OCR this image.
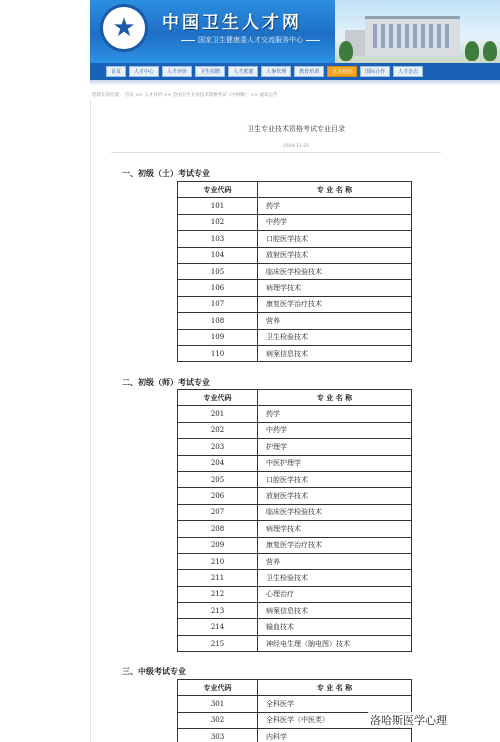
★ 中国卫生人才网
国家卫生健康委人才交流服务中心
首页	人才中心	人才评价	卫生招聘	人才派遣	人事代理	教育培训	人才研究	国际合作	人才杂志
您现在的位置： 首页 >> 人才评价 >> 全国卫生专业技术资格考试（中初级） >> 通知公告
卫生专业技术资格考试专业目录
2020-12-25
一、初级（士）考试专业
专业代码	专 业 名 称
101	药学
102	中药学
103	口腔医学技术
104	放射医学技术
105	临床医学检验技术
106	病理学技术
107	康复医学治疗技术
108	营养
109	卫生检验技术
110	病案信息技术
二、初级（师）考试专业
专业代码	专 业 名 称
201	药学
202	中药学
203	护理学
204	中医护理学
205	口腔医学技术
206	放射医学技术
207	临床医学检验技术
208	病理学技术
209	康复医学治疗技术
210	营养
211	卫生检验技术
212	心理治疗
213	病案信息技术
214	输血技术
215	神经电生理（脑电图）技术
三、中级考试专业
专业代码	专 业 名 称
301	全科医学
302	全科医学（中医类）
303	内科学
洛哈斯医学心理
